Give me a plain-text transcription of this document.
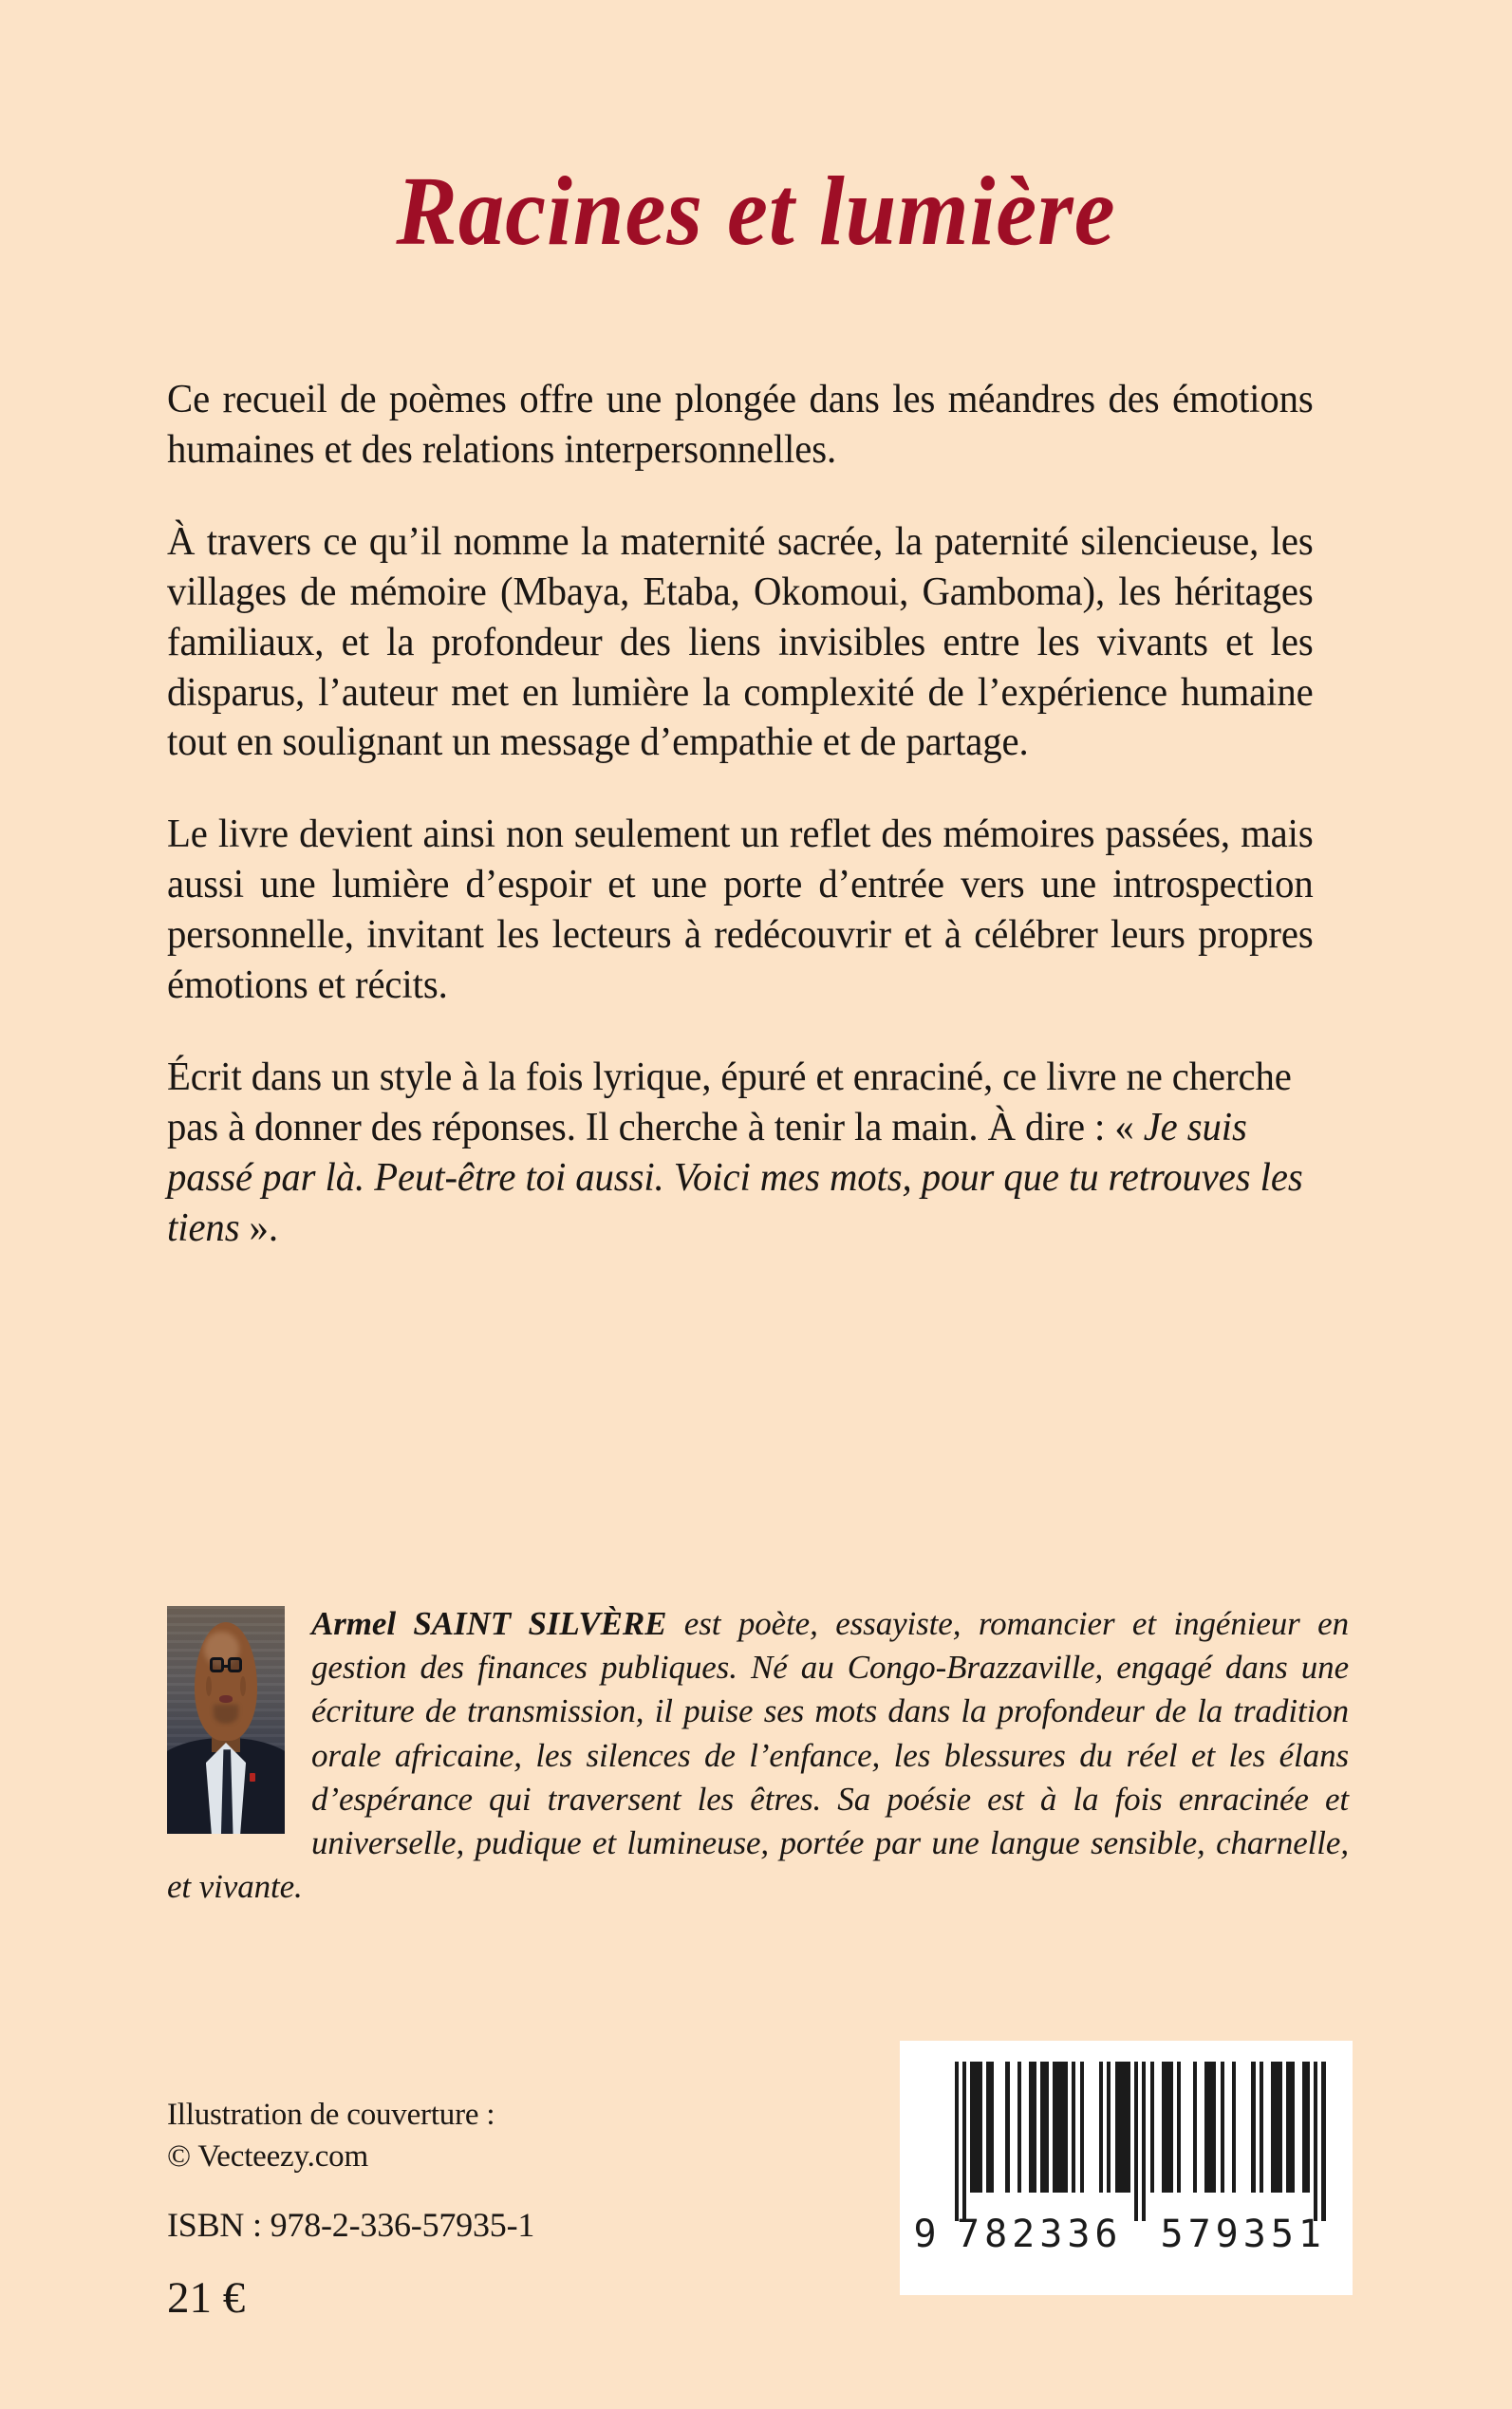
Racines et lumière

Ce recueil de poèmes offre une plongée dans les méandres des émotions humaines et des relations interpersonnelles.

À travers ce qu’il nomme la maternité sacrée, la paternité silencieuse, les villages de mémoire (Mbaya, Etaba, Okomoui, Gamboma), les héritages familiaux, et la profondeur des liens invisibles entre les vivants et les disparus, l’auteur met en lumière la complexité de l’expérience humaine tout en soulignant un message d’empathie et de partage.

Le livre devient ainsi non seulement un reflet des mémoires passées, mais aussi une lumière d’espoir et une porte d’entrée vers une introspection personnelle, invitant les lecteurs à redécouvrir et à célébrer leurs propres émotions et récits.

Écrit dans un style à la fois lyrique, épuré et enraciné, ce livre ne cherche pas à donner des réponses. Il cherche à tenir la main. À dire : « Je suis passé par là. Peut-être toi aussi. Voici mes mots, pour que tu retrouves les tiens ».

Armel SAINT SILVÈRE est poète, essayiste, romancier et ingénieur en gestion des finances publiques. Né au Congo-Brazzaville, engagé dans une écriture de transmission, il puise ses mots dans la profondeur de la tradition orale africaine, les silences de l’enfance, les blessures du réel et les élans d’espérance qui traversent les êtres. Sa poésie est à la fois enracinée et universelle, pudique et lumineuse, portée par une langue sensible, charnelle, et vivante.
Illustration de couverture :
© Vecteezy.com
ISBN : 978-2-336-57935-1
21 €
9 782336 579351
